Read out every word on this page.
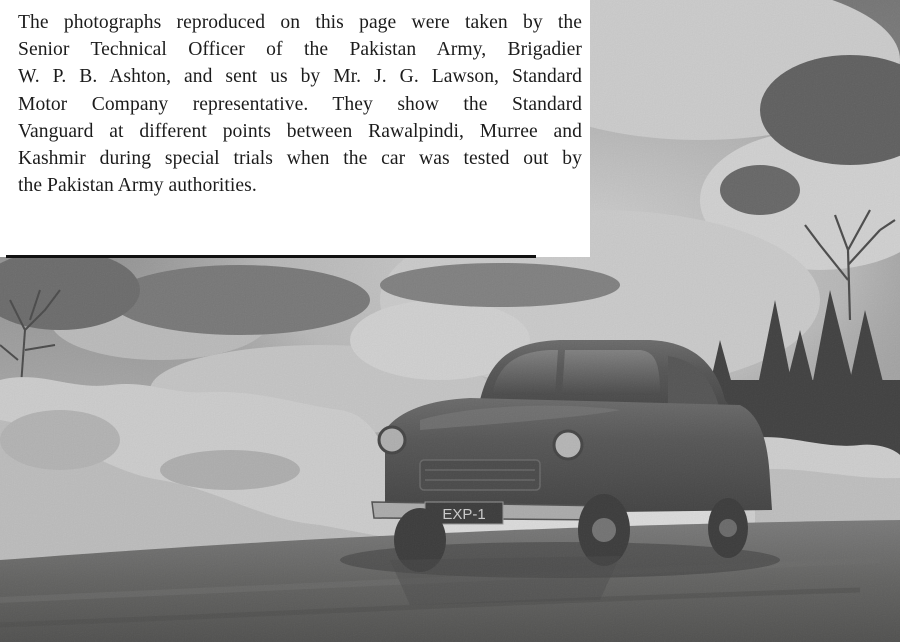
EXP-1
The photographs reproduced on this page were taken by the
Senior Technical Officer of the Pakistan Army, Brigadier
W. P. B. Ashton, and sent us by Mr. J. G. Lawson, Standard
Motor Company representative. They show the Standard
Vanguard at different points between Rawalpindi, Murree and
Kashmir during special trials when the car was tested out by
the Pakistan Army authorities.
